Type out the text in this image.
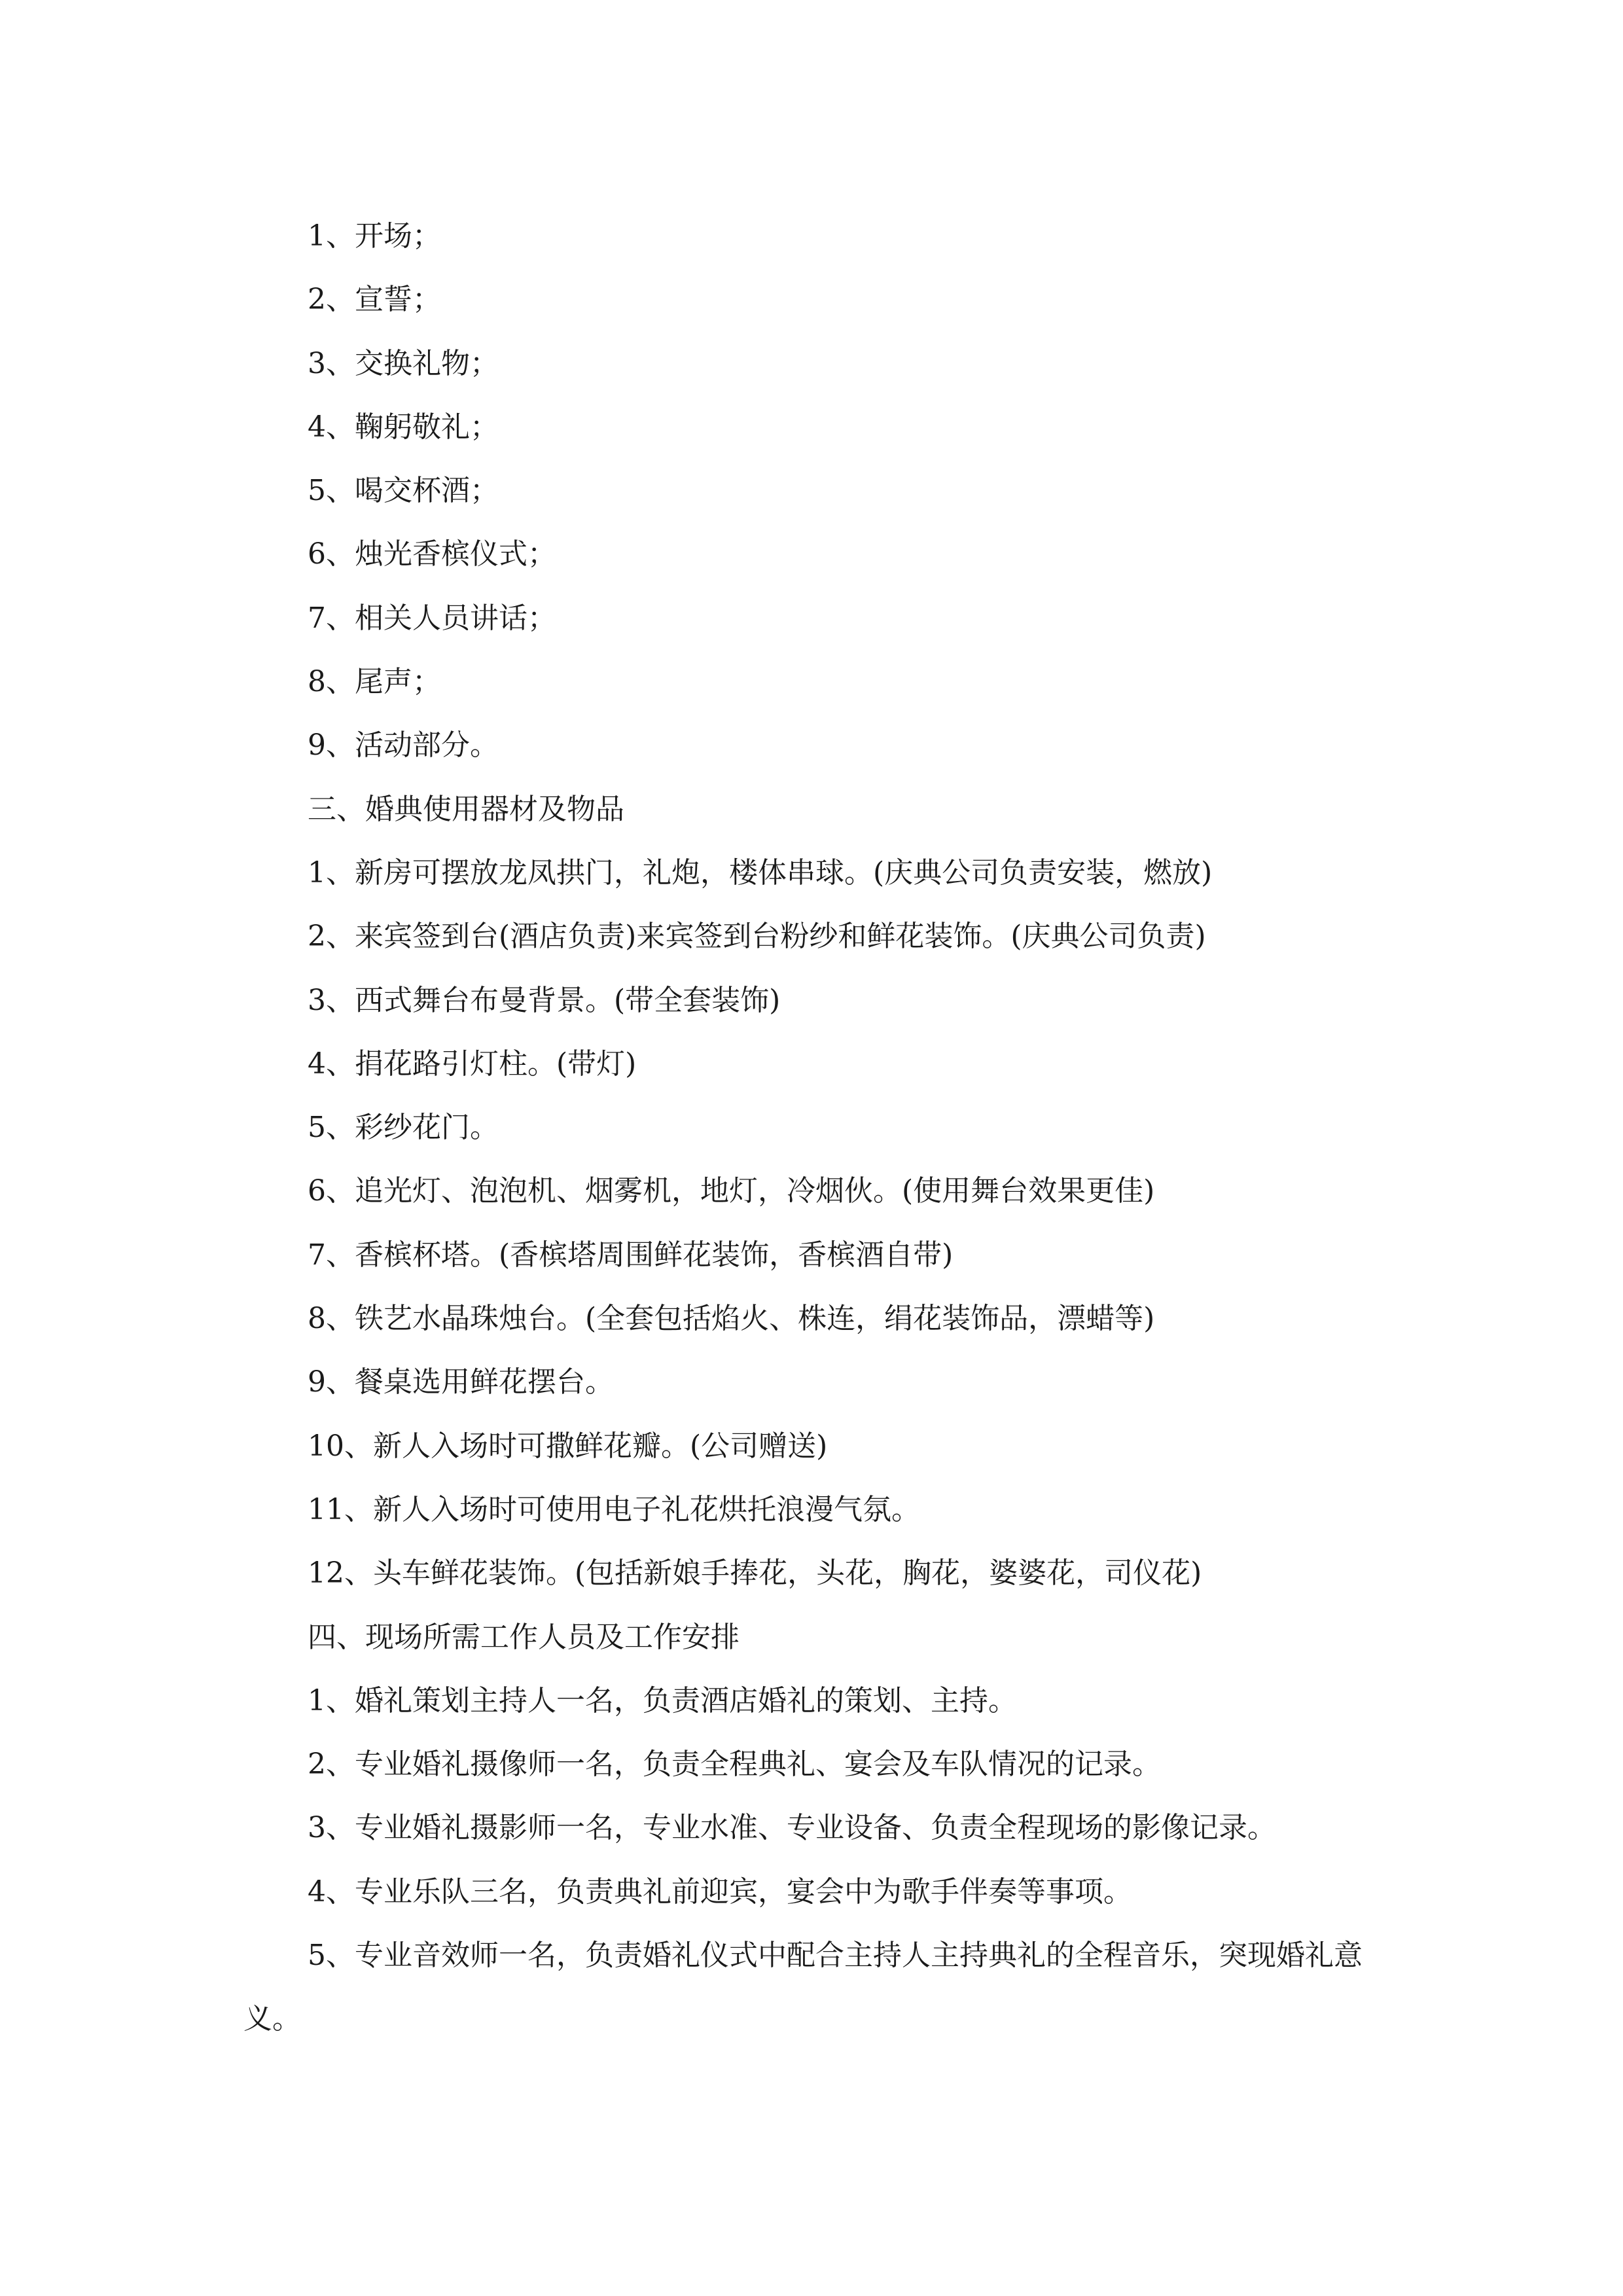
1、开场；
2、宣誓；
3、交换礼物；
4、鞠躬敬礼；
5、喝交杯酒；
6、烛光香槟仪式；
7、相关人员讲话；
8、尾声；
9、活动部分。
三、婚典使用器材及物品
1、新房可摆放龙凤拱门，礼炮，楼体串球。(庆典公司负责安装，燃放)
2、来宾签到台(酒店负责)来宾签到台粉纱和鲜花装饰。(庆典公司负责)
3、西式舞台布曼背景。(带全套装饰)
4、捐花路引灯柱。(带灯)
5、彩纱花门。
6、追光灯、泡泡机、烟雾机，地灯，冷烟伙。(使用舞台效果更佳)
7、香槟杯塔。(香槟塔周围鲜花装饰，香槟酒自带)
8、铁艺水晶珠烛台。(全套包括焰火、株连，绢花装饰品，漂蜡等)
9、餐桌选用鲜花摆台。
10、新人入场时可撒鲜花瓣。(公司赠送)
11、新人入场时可使用电子礼花烘托浪漫气氛。
12、头车鲜花装饰。(包括新娘手捧花，头花，胸花，婆婆花，司仪花)
四、现场所需工作人员及工作安排
1、婚礼策划主持人一名，负责酒店婚礼的策划、主持。
2、专业婚礼摄像师一名，负责全程典礼、宴会及车队情况的记录。
3、专业婚礼摄影师一名，专业水准、专业设备、负责全程现场的影像记录。
4、专业乐队三名，负责典礼前迎宾，宴会中为歌手伴奏等事项。
5、专业音效师一名，负责婚礼仪式中配合主持人主持典礼的全程音乐，突现婚礼意义。
